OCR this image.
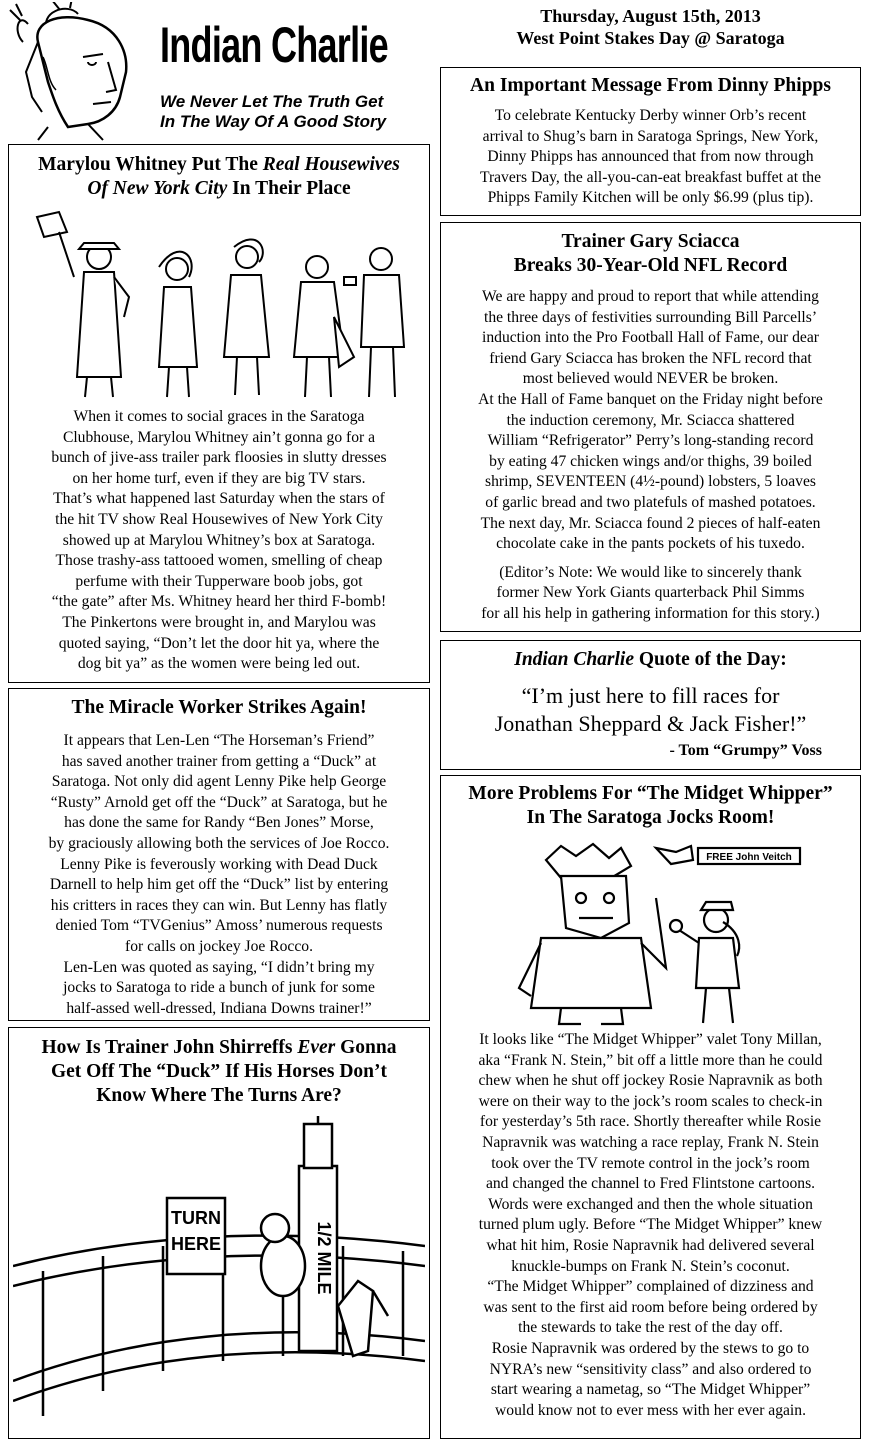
Indian Charlie
We Never Let The Truth Get
In The Way Of A Good Story
Thursday, August 15th, 2013
West Point Stakes Day @ Saratoga
Marylou Whitney Put The Real Housewives
Of New York City In Their Place

When it comes to social graces in the Saratoga

Clubhouse, Marylou Whitney ain’t gonna go for a

bunch of jive-ass trailer park floosies in slutty dresses

on her home turf, even if they are big TV stars.

That’s what happened last Saturday when the stars of

the hit TV show Real Housewives of New York City

showed up at Marylou Whitney’s box at Saratoga.

Those trashy-ass tattooed women, smelling of cheap

perfume with their Tupperware boob jobs, got

“the gate” after Ms. Whitney heard her third F-bomb!

The Pinkertons were brought in, and Marylou was

quoted saying, “Don’t let the door hit ya, where the

dog bit ya” as the women were being led out.

The Miracle Worker Strikes Again!

It appears that Len-Len “The Horseman’s Friend”

has saved another trainer from getting a “Duck” at

Saratoga. Not only did agent Lenny Pike help George

“Rusty” Arnold get off the “Duck” at Saratoga, but he

has done the same for Randy “Ben Jones” Morse,

by graciously allowing both the services of Joe Rocco.

Lenny Pike is feverously working with Dead Duck

Darnell to help him get off the “Duck” list by entering

his critters in races they can win. But Lenny has flatly

denied Tom “TVGenius” Amoss’ numerous requests

for calls on jockey Joe Rocco.

Len-Len was quoted as saying, “I didn’t bring my

jocks to Saratoga to ride a bunch of junk for some

half-assed well-dressed, Indiana Downs trainer!”

How Is Trainer John Shirreffs Ever Gonna
Get Off The “Duck” If His Horses Don’t
Know Where The Turns Are?
TURN
HERE	1/2 MILE
An Important Message From Dinny Phipps

To celebrate Kentucky Derby winner Orb’s recent

arrival to Shug’s barn in Saratoga Springs, New York,

Dinny Phipps has announced that from now through

Travers Day, the all-you-can-eat breakfast buffet at the

Phipps Family Kitchen will be only $6.99 (plus tip).

Trainer Gary Sciacca
Breaks 30-Year-Old NFL Record

We are happy and proud to report that while attending

the three days of festivities surrounding Bill Parcells’

induction into the Pro Football Hall of Fame, our dear

friend Gary Sciacca has broken the NFL record that

most believed would NEVER be broken.

At the Hall of Fame banquet on the Friday night before

the induction ceremony, Mr. Sciacca shattered

William “Refrigerator” Perry’s long-standing record

by eating 47 chicken wings and/or thighs, 39 boiled

shrimp, SEVENTEEN (4½-pound) lobsters, 5 loaves

of garlic bread and two platefuls of mashed potatoes.

The next day, Mr. Sciacca found 2 pieces of half-eaten

chocolate cake in the pants pockets of his tuxedo.

(Editor’s Note: We would like to sincerely thank

former New York Giants quarterback Phil Simms

for all his help in gathering information for this story.)

Indian Charlie Quote of the Day:
“I’m just here to fill races for
Jonathan Sheppard & Jack Fisher!”
- Tom “Grumpy” Voss
More Problems For “The Midget Whipper”
In The Saratoga Jocks Room!
FREE John Veitch

It looks like “The Midget Whipper” valet Tony Millan,

aka “Frank N. Stein,” bit off a little more than he could

chew when he shut off jockey Rosie Napravnik as both

were on their way to the jock’s room scales to check-in

for yesterday’s 5th race. Shortly thereafter while Rosie

Napravnik was watching a race replay, Frank N. Stein

took over the TV remote control in the jock’s room

and changed the channel to Fred Flintstone cartoons.

Words were exchanged and then the whole situation

turned plum ugly. Before “The Midget Whipper” knew

what hit him, Rosie Napravnik had delivered several

knuckle-bumps on Frank N. Stein’s coconut.

“The Midget Whipper” complained of dizziness and

was sent to the first aid room before being ordered by

the stewards to take the rest of the day off.

Rosie Napravnik was ordered by the stews to go to

NYRA’s new “sensitivity class” and also ordered to

start wearing a nametag, so “The Midget Whipper”

would know not to ever mess with her ever again.
